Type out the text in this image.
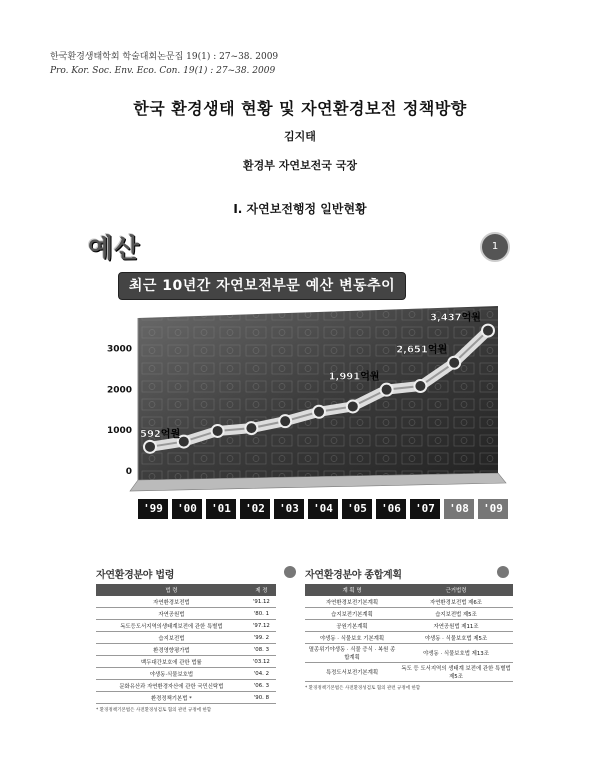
한국환경생태학회 학술대회논문집 19(1) : 27~38. 2009
Pro. Kor. Soc. Env. Eco. Con. 19(1) : 27~38. 2009
한국 환경생태 현황 및 자연환경보전 정책방향
김지태
환경부 자연보전국 국장
Ⅰ. 자연보전행정 일반현황
예산	1
0
1000
2000
3000
592억원
1,991억원
2,651억원
3,437억원
최근 10년간 자연보전부문 예산 변동추이
'99	'00	'01	'02	'03	'04	'05	'06	'07	'08	'09
자연환경분야 법령
법 령	제 정
자연환경보전법	'91.12
자연공원법	'80. 1
독도등도서지역의생태계보전에 관한 특별법	'97.12
습지보전법	'99. 2
환경영향평가법	'08. 3
백두대간보호에 관한 법률	'03.12
야생동·식물보호법	'04. 2
문화유산과 자연환경자산에 관한 국민신탁법	'06. 3
환경정책기본법 *	'90. 8
* 환경정책기본법은 사전환경성검토 협의 관련 규정에 한함
자연환경분야 종합계획
계 획 명	근거법령
자연환경보전기본계획	자연환경보전법 제6조
습지보전기본계획	습지보전법 제5조
공원기본계획	자연공원법 제11조
야생동 · 식물보호 기본계획	야생동 · 식물보호법 제5조
멸종위기야생동 · 식물 증식 · 복원 종합계획	야생동 · 식물보호법 제13조
특정도서보전기본계획	독도 등 도서지역의 생태계 보전에 관한 특별법 제5조
* 환경정책기본법은 사전환경성검토 협의 관련 규정에 한함
